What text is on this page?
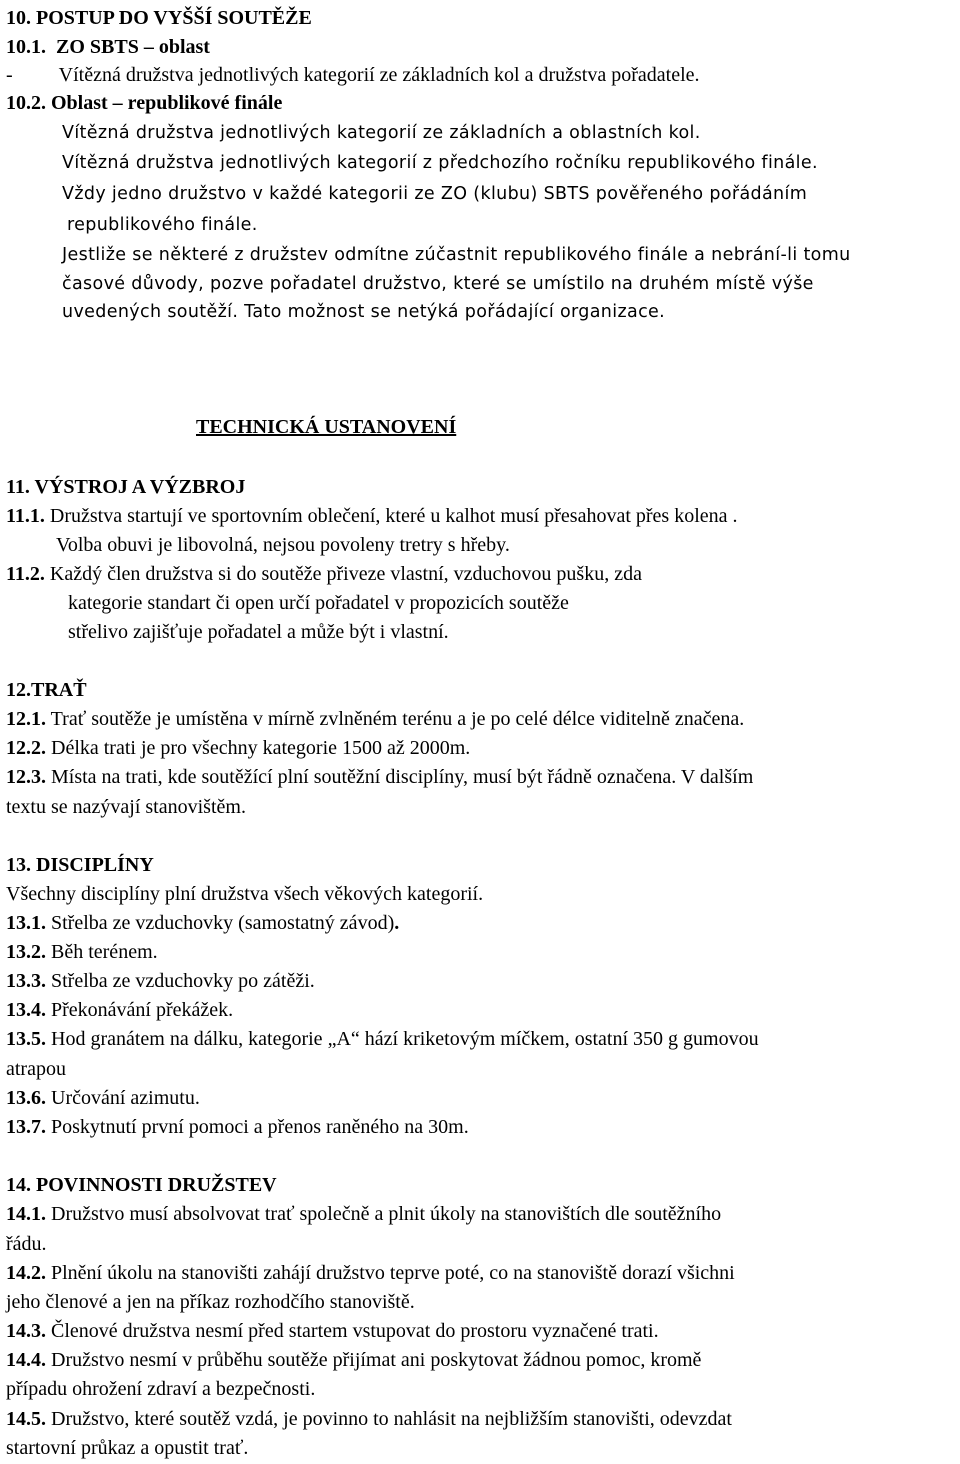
10. POSTUP DO VYŠŠÍ SOUTĚŽE
10.1. ZO SBTS – oblast
- Vítězná družstva jednotlivých kategorií ze základních kol a družstva pořadatele.
10.2. Oblast – republikové finále
Vítězná družstva jednotlivých kategorií ze základních a oblastních kol.
Vítězná družstva jednotlivých kategorií z předchozího ročníku republikového finále.
Vždy jedno družstvo v každé kategorii ze ZO (klubu) SBTS pověřeného pořádáním
republikového finále.
Jestliže se některé z družstev odmítne zúčastnit republikového finále a nebrání-li tomu
časové důvody, pozve pořadatel družstvo, které se umístilo na druhém místě výše
uvedených soutěží. Tato možnost se netýká pořádající organizace.
TECHNICKÁ USTANOVENÍ
11. VÝSTROJ A VÝZBROJ
11.1. Družstva startují ve sportovním oblečení, které u kalhot musí přesahovat přes kolena .
Volba obuvi je libovolná, nejsou povoleny tretry s hřeby.
11.2. Každý člen družstva si do soutěže přiveze vlastní, vzduchovou pušku, zda
kategorie standart či open určí pořadatel v propozicích soutěže
střelivo zajišťuje pořadatel a může být i vlastní.
12.TRAŤ
12.1. Trať soutěže je umístěna v mírně zvlněném terénu a je po celé délce viditelně značena.
12.2. Délka trati je pro všechny kategorie 1500 až 2000m.
12.3. Místa na trati, kde soutěžící plní soutěžní disciplíny, musí být řádně označena. V dalším
textu se nazývají stanovištěm.
13. DISCIPLÍNY
Všechny disciplíny plní družstva všech věkových kategorií.
13.1. Střelba ze vzduchovky (samostatný závod).
13.2. Běh terénem.
13.3. Střelba ze vzduchovky po zátěži.
13.4. Překonávání překážek.
13.5. Hod granátem na dálku, kategorie „A“ hází kriketovým míčkem, ostatní 350 g gumovou
atrapou
13.6. Určování azimutu.
13.7. Poskytnutí první pomoci a přenos raněného na 30m.
14. POVINNOSTI DRUŽSTEV
14.1. Družstvo musí absolvovat trať společně a plnit úkoly na stanovištích dle soutěžního
řádu.
14.2. Plnění úkolu na stanovišti zahájí družstvo teprve poté, co na stanoviště dorazí všichni
jeho členové a jen na příkaz rozhodčího stanoviště.
14.3. Členové družstva nesmí před startem vstupovat do prostoru vyznačené trati.
14.4. Družstvo nesmí v průběhu soutěže přijímat ani poskytovat žádnou pomoc, kromě
případu ohrožení zdraví a bezpečnosti.
14.5. Družstvo, které soutěž vzdá, je povinno to nahlásit na nejbližším stanovišti, odevzdat
startovní průkaz a opustit trať.
